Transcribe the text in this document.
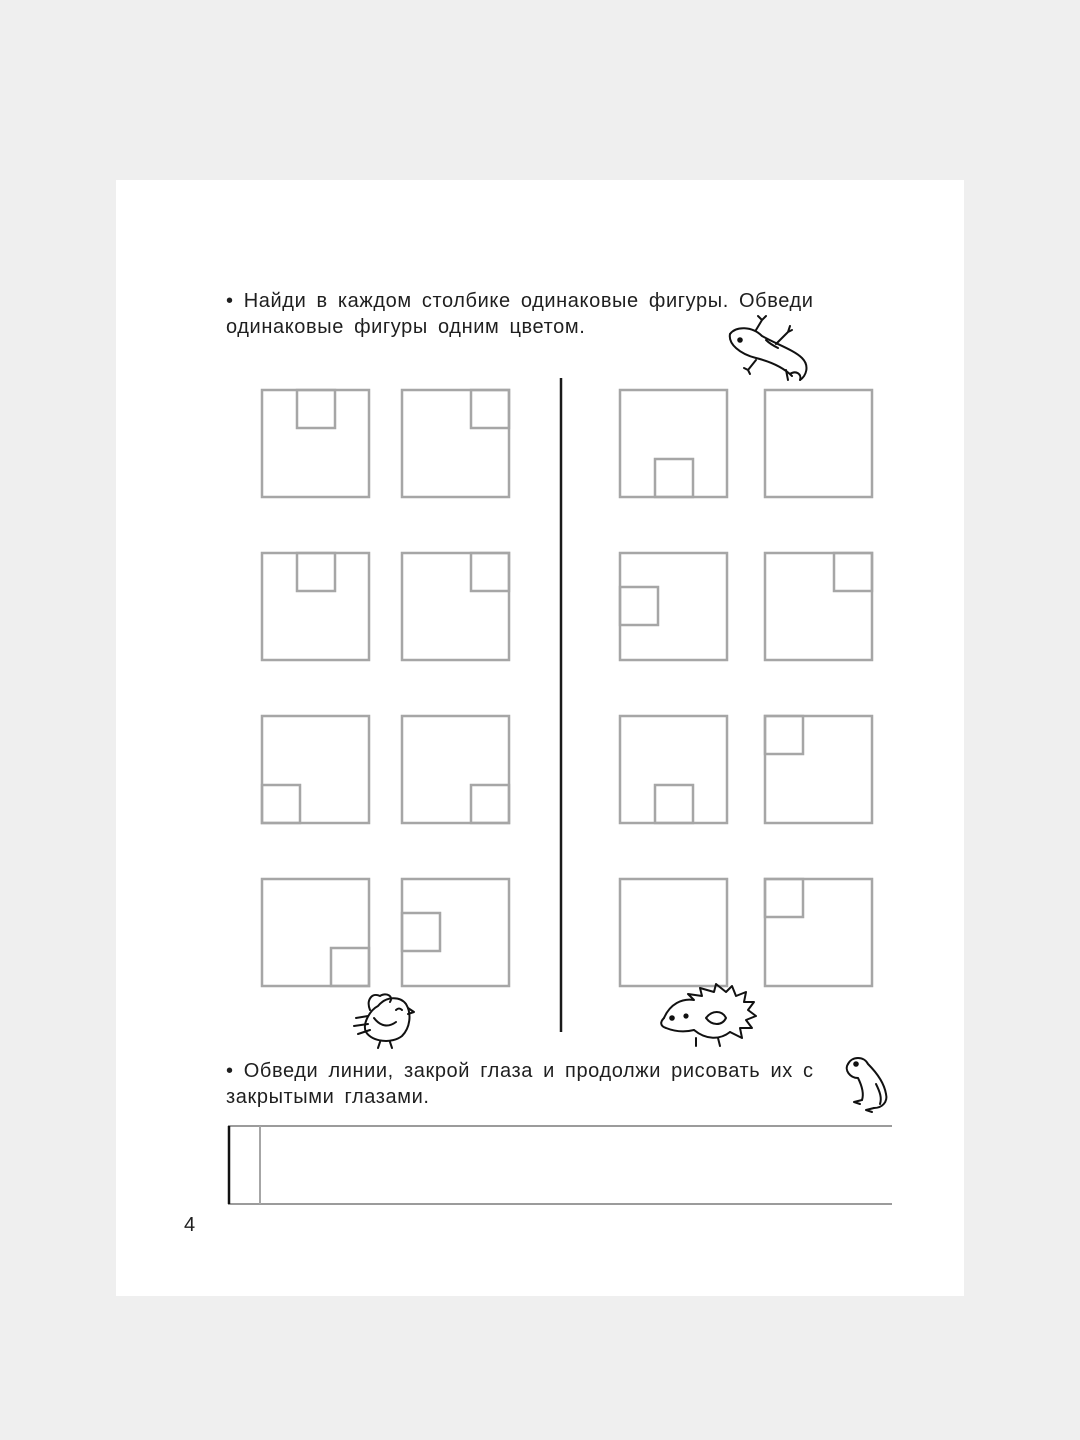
• Найди в каждом столбике одинаковые фигуры. Обведи одинаковые фигуры одним цветом.

• Обведи линии, закрой глаза и продолжи рисовать их с закрытыми глазами.

4
